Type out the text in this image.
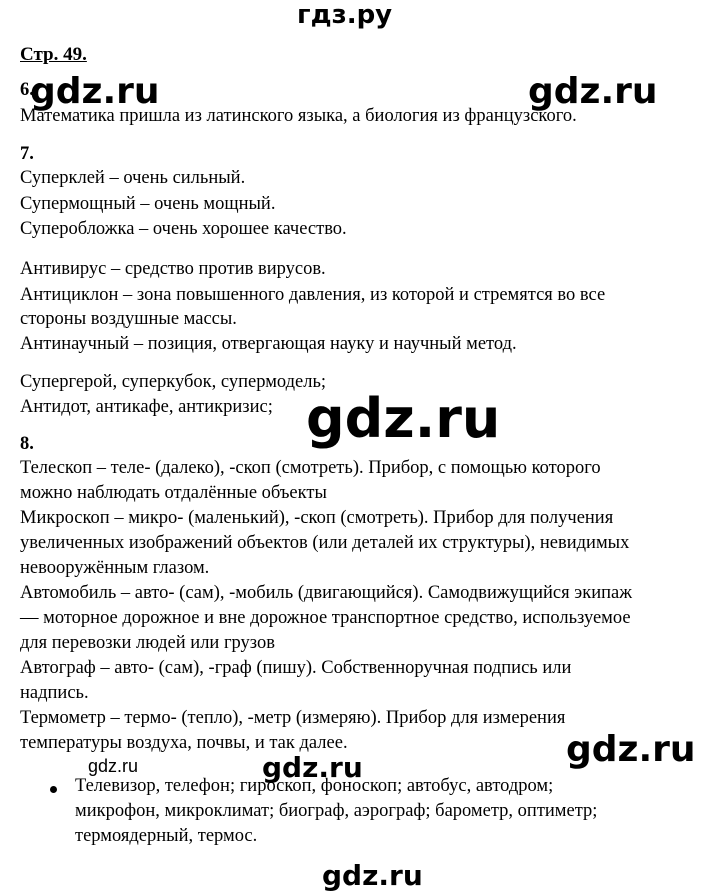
гдз.ру
Стр. 49.
6.
Математика пришла из латинского языка, а биология из французского.
7.
Суперклей – очень сильный.
Супермощный – очень мощный.
Суперобложка – очень хорошее качество.
Антивирус – средство против вирусов.
Антициклон – зона повышенного давления, из которой и стремятся во все
стороны воздушные массы.
Антинаучный – позиция, отвергающая науку и научный метод.
Супергерой, суперкубок, супермодель;
Антидот, антикафе, антикризис;
8.
Телескоп – теле- (далеко), -скоп (смотреть). Прибор, с помощью которого
можно наблюдать отдалённые объекты
Микроскоп – микро- (маленький), -скоп (смотреть). Прибор для получения
увеличенных изображений объектов (или деталей их структуры), невидимых
невооружённым глазом.
Автомобиль – авто- (сам), -мобиль (двигающийся). Самодвижущийся экипаж
— моторное дорожное и вне дорожное транспортное средство, используемое
для перевозки людей или грузов
Автограф – авто- (сам), -граф (пишу). Собственноручная подпись или
надпись.
Термометр – термо- (тепло), -метр (измеряю). Прибор для измерения
температуры воздуха, почвы, и так далее.
Телевизор, телефон; гироскоп, фоноскоп; автобус, автодром;
микрофон, микроклимат; биограф, аэрограф; барометр, оптиметр;
термоядерный, термос.
gdz.ru	gdz.ru
gdz.ru
gdz.ru
gdz.ru	gdz.ru
gdz.ru
